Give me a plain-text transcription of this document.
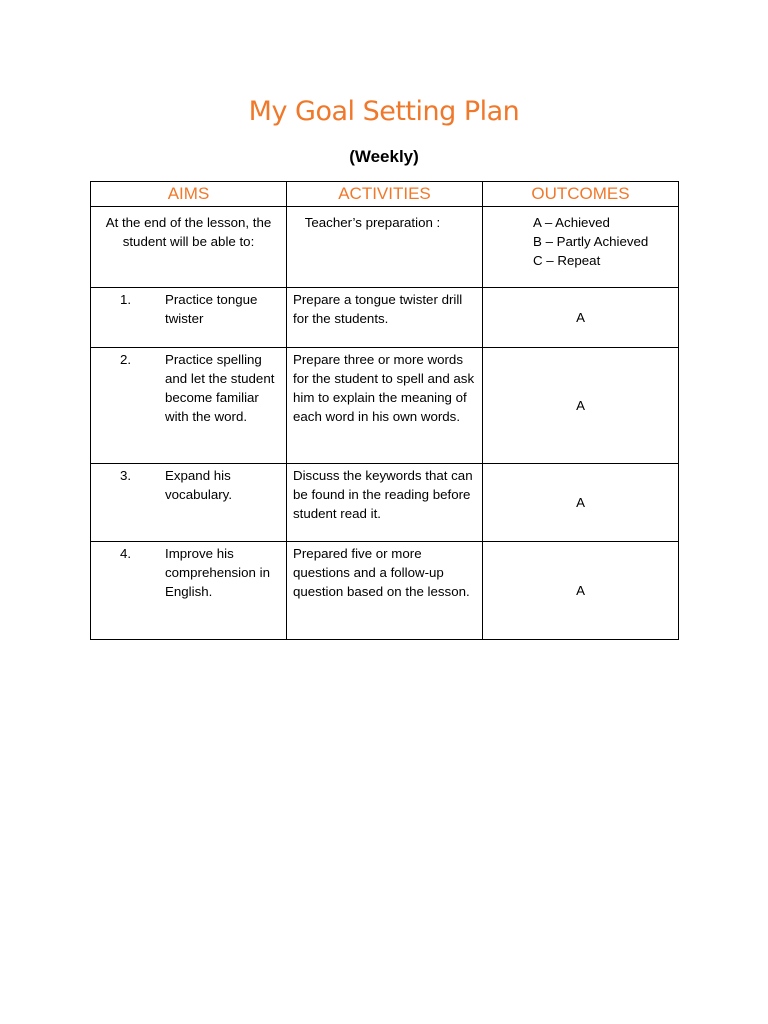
My Goal Setting Plan
(Weekly)
AIMS	ACTIVITIES	OUTCOMES
At the end of the lesson, the student will be able to:	Teacher’s preparation :	A – Achieved
B – Partly Achieved
C – Repeat

1. Practice tongue twister	Prepare a tongue twister drill for the students.	A

2. Practice spelling and let the student become familiar with the word.	Prepare three or more words for the student to spell and ask him to explain the meaning of each word in his own words.	A

3. Expand his vocabulary.	Discuss the keywords that can be found in the reading before student read it.	A

4. Improve his comprehension in English.	Prepared five or more questions and a follow-up question based on the lesson.	A
